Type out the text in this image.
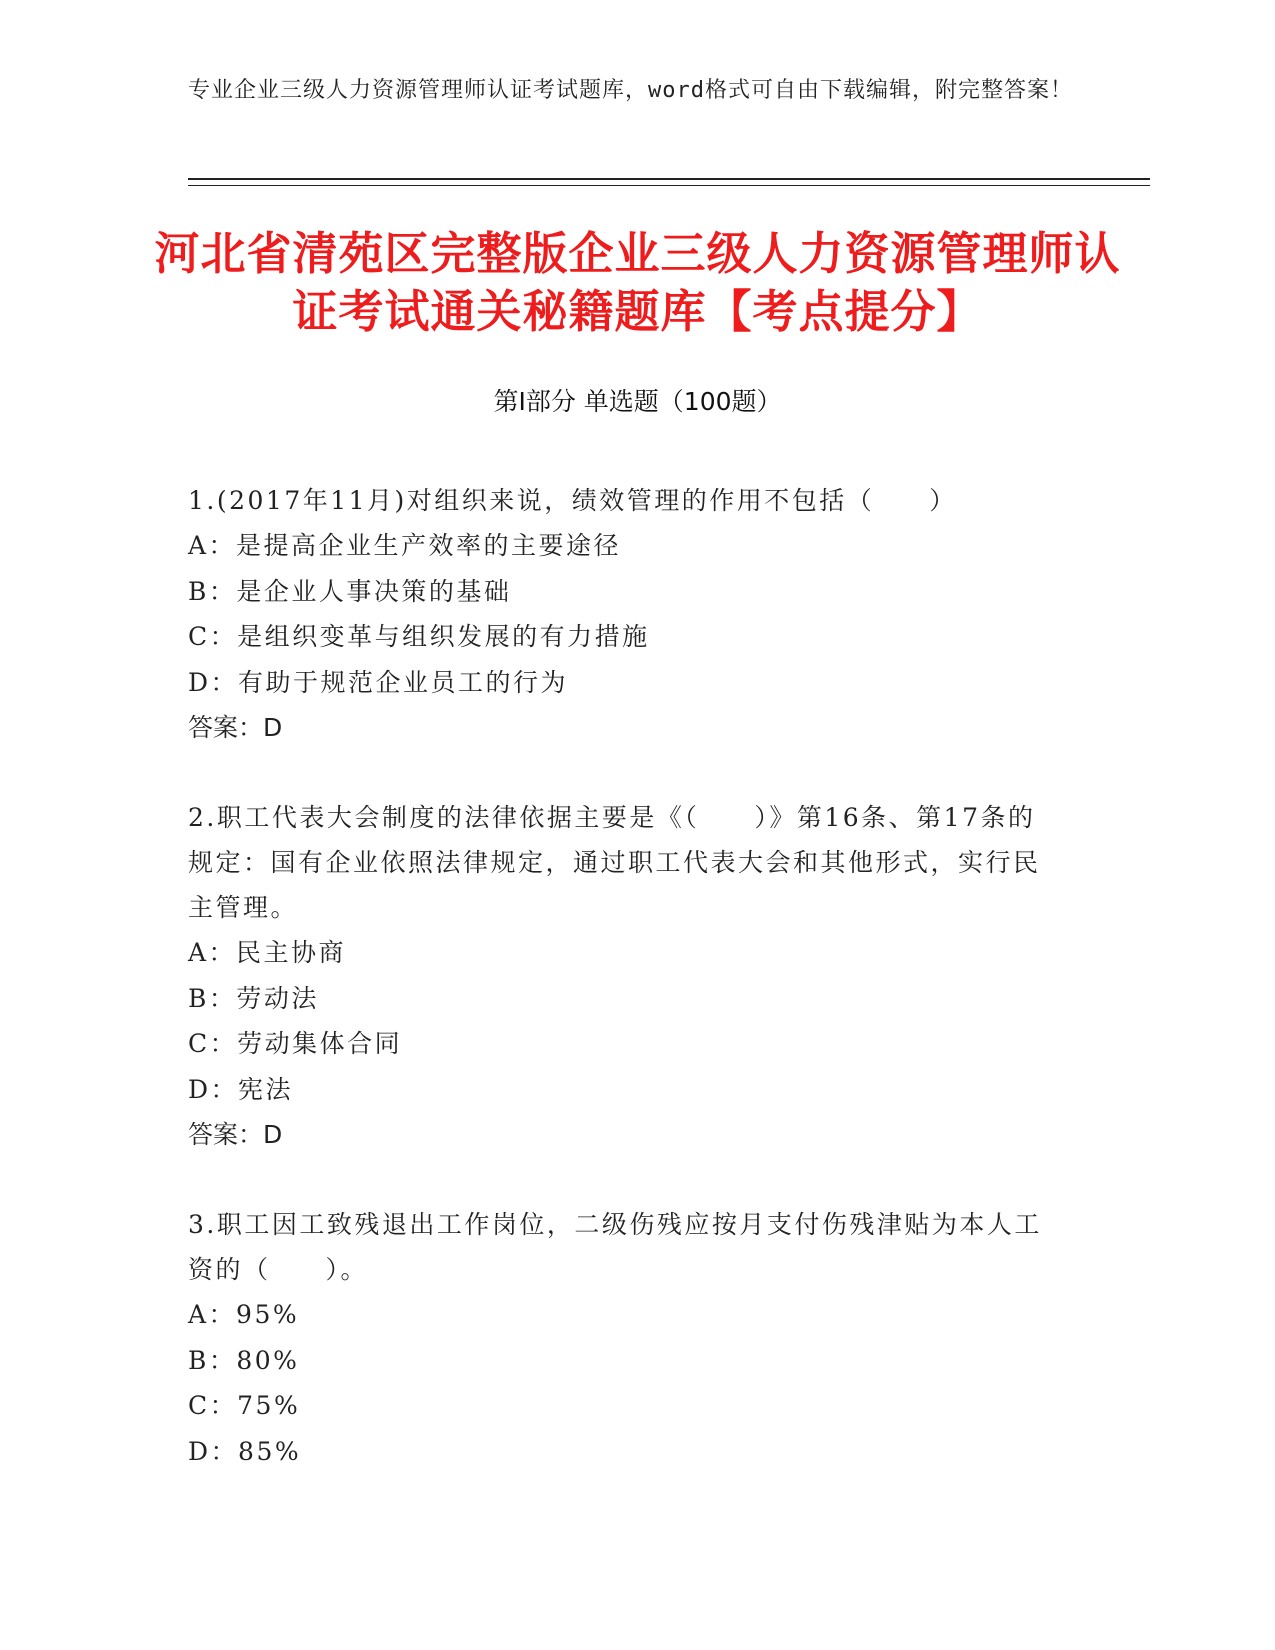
专业企业三级人力资源管理师认证考试题库，word格式可自由下载编辑，附完整答案！
河北省清苑区完整版企业三级人力资源管理师认证考试通关秘籍题库【考点提分】
第Ⅰ部分 单选题（100题）

1.(2017年11月)对组织来说，绩效管理的作用不包括（　　）

A：是提高企业生产效率的主要途径

B：是企业人事决策的基础

C：是组织变革与组织发展的有力措施

D：有助于规范企业员工的行为

答案：D

2.职工代表大会制度的法律依据主要是《（　　）》第16条、第17条的规定：国有企业依照法律规定，通过职工代表大会和其他形式，实行民主管理。

A：民主协商

B：劳动法

C：劳动集体合同

D：宪法

答案：D

3.职工因工致残退出工作岗位，二级伤残应按月支付伤残津贴为本人工资的（　　）。

A：95%

B：80%

C：75%

D：85%
